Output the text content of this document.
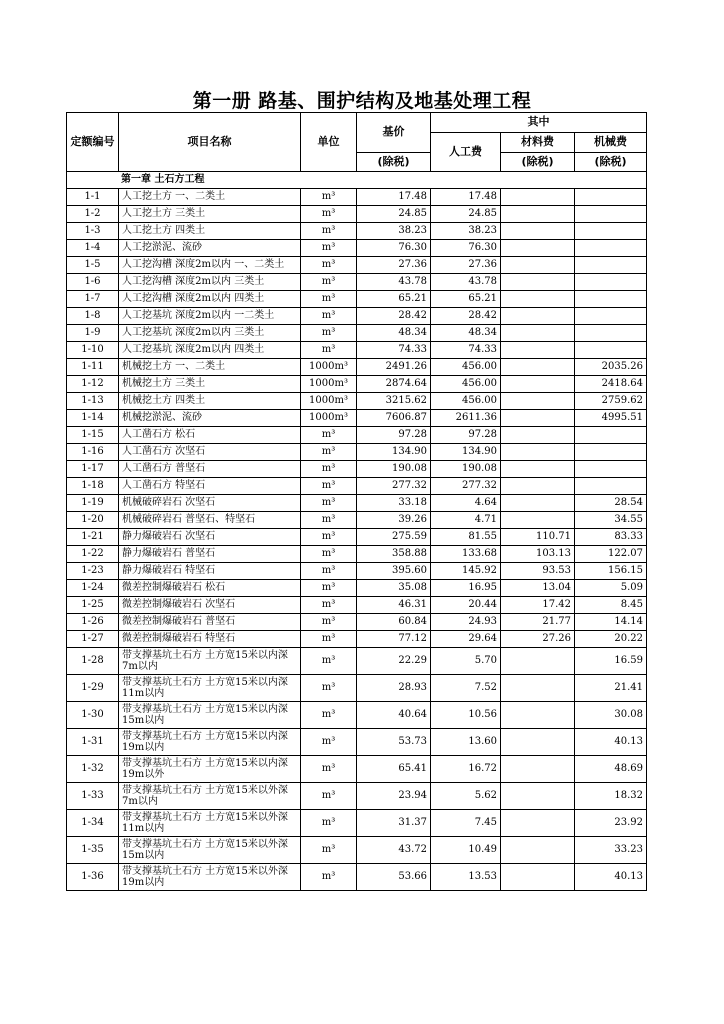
第一册 路基、围护结构及地基处理工程
定额编号	项目名称	单位	基价	其中		
				人工费	材料费	机械费
			(除税)		(除税)	(除税)
第一章 土石方工程						
1-1	人工挖土方 一、二类土	m³	17.48	17.48		
1-2	人工挖土方 三类土	m³	24.85	24.85		
1-3	人工挖土方 四类土	m³	38.23	38.23		
1-4	人工挖淤泥、流砂	m³	76.30	76.30		
1-5	人工挖沟槽 深度2m以内 一、二类土	m³	27.36	27.36		
1-6	人工挖沟槽 深度2m以内 三类土	m³	43.78	43.78		
1-7	人工挖沟槽 深度2m以内 四类土	m³	65.21	65.21		
1-8	人工挖基坑 深度2m以内 一二类土	m³	28.42	28.42		
1-9	人工挖基坑 深度2m以内 三类土	m³	48.34	48.34		
1-10	人工挖基坑 深度2m以内 四类土	m³	74.33	74.33		
1-11	机械挖土方 一、二类土	1000m³	2491.26	456.00		2035.26
1-12	机械挖土方 三类土	1000m³	2874.64	456.00		2418.64
1-13	机械挖土方 四类土	1000m³	3215.62	456.00		2759.62
1-14	机械挖淤泥、流砂	1000m³	7606.87	2611.36		4995.51
1-15	人工凿石方 松石	m³	97.28	97.28		
1-16	人工凿石方 次坚石	m³	134.90	134.90		
1-17	人工凿石方 普坚石	m³	190.08	190.08		
1-18	人工凿石方 特坚石	m³	277.32	277.32		
1-19	机械破碎岩石 次坚石	m³	33.18	4.64		28.54
1-20	机械破碎岩石 普坚石、特坚石	m³	39.26	4.71		34.55
1-21	静力爆破岩石 次坚石	m³	275.59	81.55	110.71	83.33
1-22	静力爆破岩石 普坚石	m³	358.88	133.68	103.13	122.07
1-23	静力爆破岩石 特坚石	m³	395.60	145.92	93.53	156.15
1-24	微差控制爆破岩石 松石	m³	35.08	16.95	13.04	5.09
1-25	微差控制爆破岩石 次坚石	m³	46.31	20.44	17.42	8.45
1-26	微差控制爆破岩石 普坚石	m³	60.84	24.93	21.77	14.14
1-27	微差控制爆破岩石 特坚石	m³	77.12	29.64	27.26	20.22
1-28	带支撑基坑土石方 土方宽15米以内深7m以内	m³	22.29	5.70		16.59
1-29	带支撑基坑土石方 土方宽15米以内深11m以内	m³	28.93	7.52		21.41
1-30	带支撑基坑土石方 土方宽15米以内深15m以内	m³	40.64	10.56		30.08
1-31	带支撑基坑土石方 土方宽15米以内深19m以内	m³	53.73	13.60		40.13
1-32	带支撑基坑土石方 土方宽15米以内深19m以外	m³	65.41	16.72		48.69
1-33	带支撑基坑土石方 土方宽15米以外深7m以内	m³	23.94	5.62		18.32
1-34	带支撑基坑土石方 土方宽15米以外深11m以内	m³	31.37	7.45		23.92
1-35	带支撑基坑土石方 土方宽15米以外深15m以内	m³	43.72	10.49		33.23
1-36	带支撑基坑土石方 土方宽15米以外深19m以内	m³	53.66	13.53		40.13
